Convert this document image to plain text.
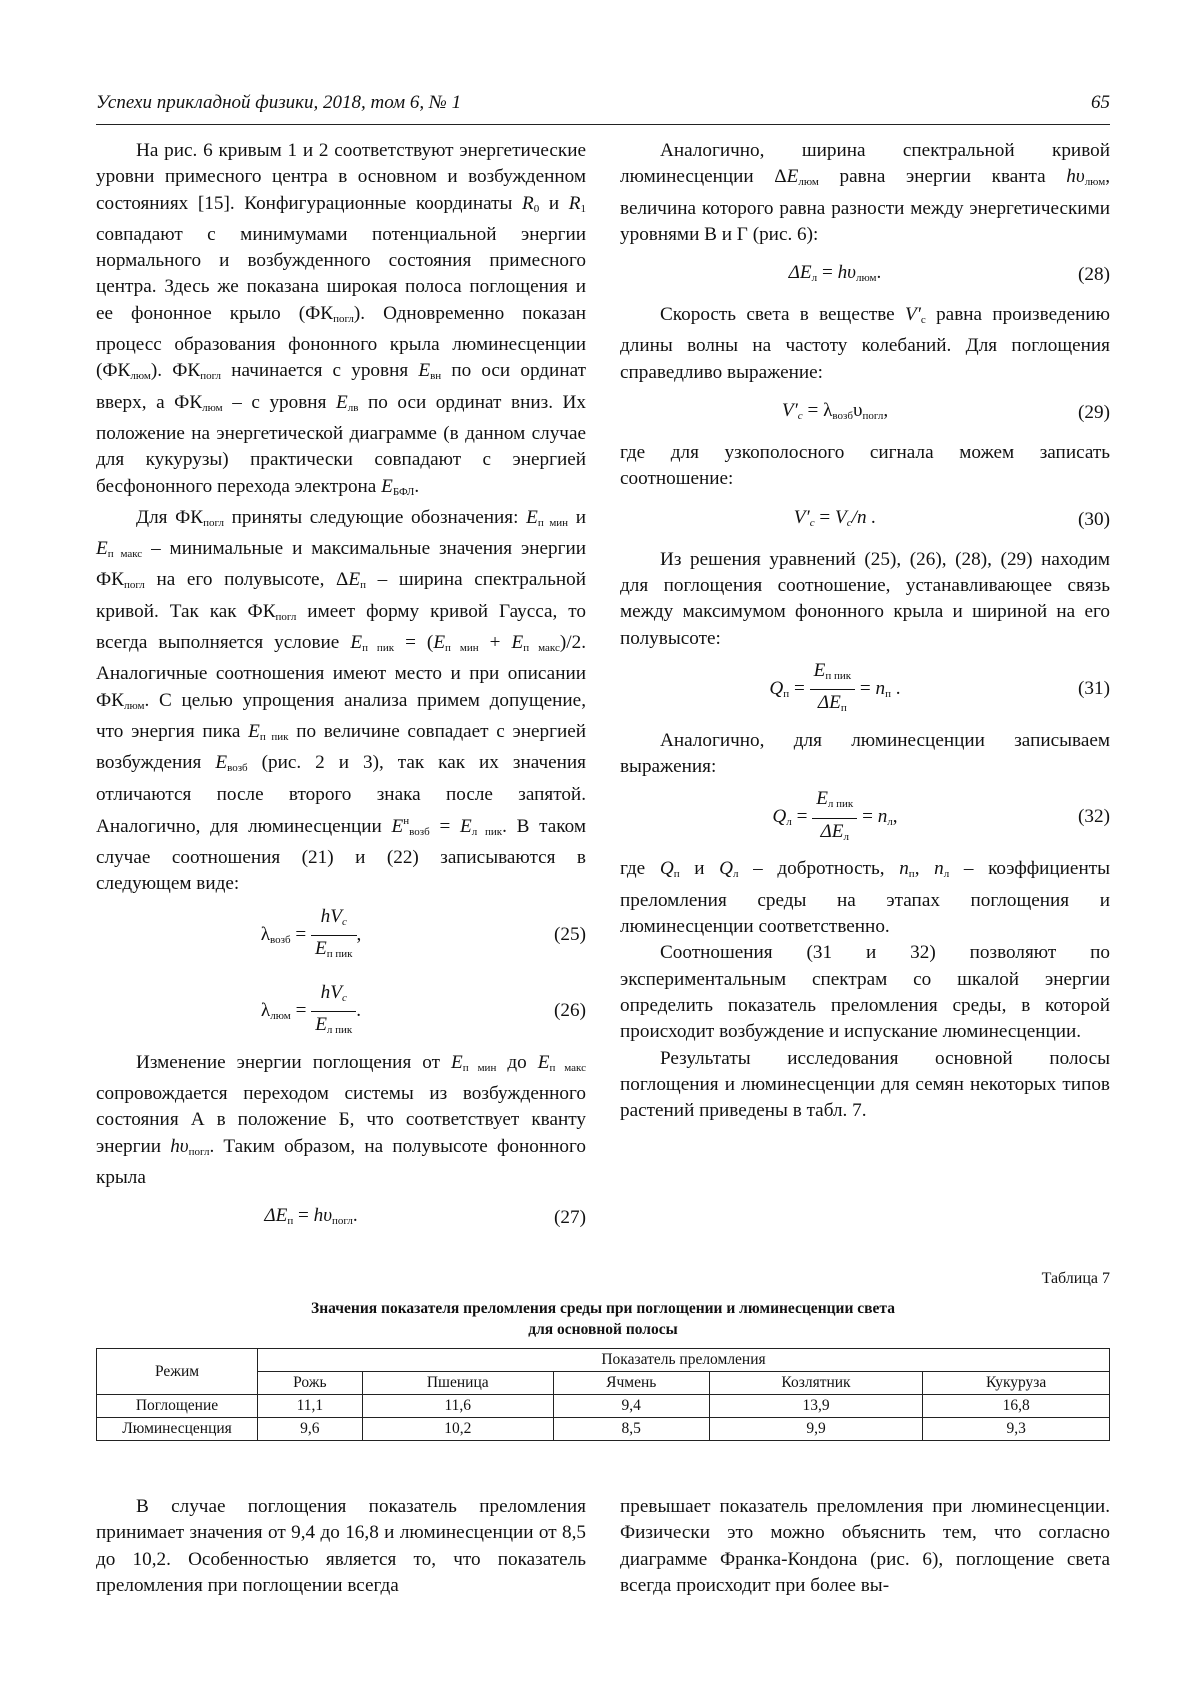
Успехи прикладной физики, 2018, том 6, № 1	65

На рис. 6 кривым 1 и 2 соответствуют энергетические уровни примесного центра в основном и возбужденном состояниях [15]. Конфигурационные координаты $R_0$ и $R_1$ совпадают с минимумами потенциальной энергии нормального и возбужденного состояния примесного центра. Здесь же показана широкая полоса поглощения и ее фононное крыло $(ФК_{погл})$. Одновременно показан процесс образования фононного крыла люминесценции $(ФК_{люм})$. $ФК_{погл}$ начинается с уровня $E_{вн}$ по оси ординат вверх, а $ФК_{люм}$ – с уровня $E_{лв}$ по оси ординат вниз. Их положение на энергетической диаграмме (в данном случае для кукурузы) практически совпадают с энергией бесфононного перехода электрона $E_{БФЛ}$.

Для $ФК_{погл}$ приняты следующие обозначения: $E_{п мин}$ и $E_{п макс}$ – минимальные и максимальные значения энергии $ФК_{погл}$ на его полувысоте, $\Delta E_п$ – ширина спектральной кривой. Так как $ФК_{погл}$ имеет форму кривой Гаусса, то всегда выполняется условие $E_{п пик} = (E_{п мин} + E_{п макс})/2$. Аналогичные соотношения имеют место и при описании $ФК_{люм}$. С целью упрощения анализа примем допущение, что энергия пика $E_{п пик}$ по величине совпадает с энергией возбуждения $E_{возб}$ (рис. 2 и 3), так как их значения отличаются после второго знака после запятой. Аналогично, для люминесценции $E^н_{возб} = E_{л пик}$. В таком случае соотношения (21) и (22) записываются в следующем виде:

$\lambda_{возб} = \frac{hV_c}{E_{п пик}}$ ,	(25)
$\lambda_{люм} = \frac{hV_c}{E_{л пик}}$ .	(26)

Изменение энергии поглощения от $E_{п мин}$ до $E_{п макс}$ сопровождается переходом системы из возбужденного состояния А в положение Б, что соответствует кванту энергии $h\upsilon_{погл}$. Таким образом, на полувысоте фононного крыла

$\Delta E_п = h\upsilon_{погл}$.	(27)

Аналогично, ширина спектральной кривой люминесценции $\Delta E_{люм}$ равна энергии кванта $h\upsilon_{люм}$, величина которого равна разности между энергетическими уровнями В и Г (рис. 6):

$\Delta E_л = h\upsilon_{люм}$.	(28)

Скорость света в веществе $V'_c$ равна произведению длины волны на частоту колебаний. Для поглощения справедливо выражение:

$V'_c = \lambda_{возб}\upsilon_{погл}$,	(29)

где для узкополосного сигнала можем записать соотношение:

$V'_c = V_c/n$ .	(30)

Из решения уравнений (25), (26), (28), (29) находим для поглощения соотношение, устанавливающее связь между максимумом фононного крыла и шириной на его полувысоте:

$Q_п = \frac{E_{п пик}}{\Delta E_п} = n_п$ .	(31)

Аналогично, для люминесценции записываем выражения:

$Q_л = \frac{E_{л пик}}{\Delta E_л} = n_л$,	(32)

где $Q_п$ и $Q_л$ – добротность, $n_п$, $n_л$ – коэффициенты преломления среды на этапах поглощения и люминесценции соответственно.

Соотношения (31 и 32) позволяют по экспериментальным спектрам со шкалой энергии определить показатель преломления среды, в которой происходит возбуждение и испускание люминесценции.

Результаты исследования основной полосы поглощения и люминесценции для семян некоторых типов растений приведены в табл. 7.

Таблица 7
Значения показателя преломления среды при поглощении и люминесценции света
для основной полосы
Режим	Показатель преломления				
	Рожь	Пшеница	Ячмень	Козлятник	Кукуруза
Поглощение	11,1	11,6	9,4	13,9	16,8
Люминесценция	9,6	10,2	8,5	9,9	9,3

В случае поглощения показатель преломления принимает значения от 9,4 до 16,8 и люминесценции от 8,5 до 10,2. Особенностью является то, что показатель преломления при поглощении всегда

превышает показатель преломления при люминесценции. Физически это можно объяснить тем, что согласно диаграмме Франка-Кондона (рис. 6), поглощение света всегда происходит при более вы-
